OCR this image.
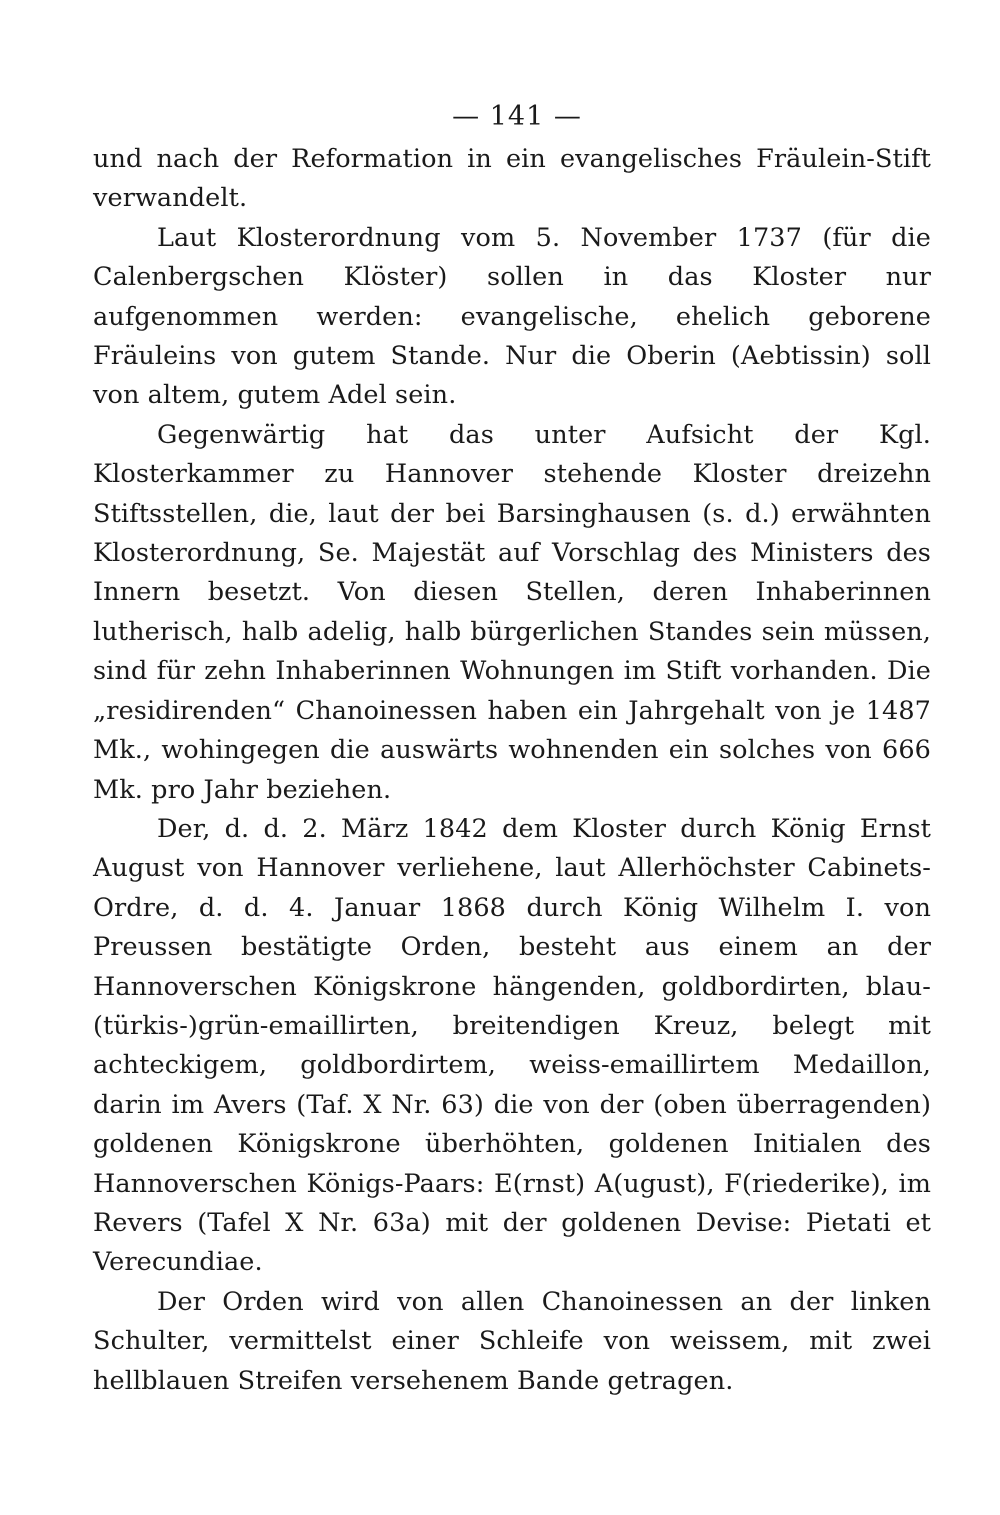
— 141 —

und nach der Reformation in ein evangelisches Fräulein-Stift verwandelt.

Laut Klosterordnung vom 5. November 1737 (für die Calenbergschen Klöster) sollen in das Kloster nur aufgenommen werden: evangelische, ehelich geborene Fräuleins von gutem Stande. Nur die Oberin (Aebtissin) soll von altem, gutem Adel sein.

Gegenwärtig hat das unter Aufsicht der Kgl. Klosterkammer zu Hannover stehende Kloster dreizehn Stiftsstellen, die, laut der bei Barsinghausen (s. d.) erwähnten Klosterordnung, Se. Majestät auf Vorschlag des Ministers des Innern besetzt. Von diesen Stellen, deren Inhaberinnen lutherisch, halb adelig, halb bürgerlichen Standes sein müssen, sind für zehn Inhaberinnen Wohnungen im Stift vorhanden. Die „residirenden“ Chanoinessen haben ein Jahrgehalt von je 1487 Mk., wohingegen die auswärts wohnenden ein solches von 666 Mk. pro Jahr beziehen.

Der, d. d. 2. März 1842 dem Kloster durch König Ernst August von Hannover verliehene, laut Allerhöchster Cabinets-Ordre, d. d. 4. Januar 1868 durch König Wilhelm I. von Preussen bestätigte Orden, besteht aus einem an der Hannoverschen Königskrone hängenden, goldbordirten, blau-(türkis-)grün-emaillirten, breitendigen Kreuz, belegt mit achteckigem, goldbordirtem, weiss-emaillirtem Medaillon, darin im Avers (Taf. X Nr. 63) die von der (oben überragenden) goldenen Königskrone überhöhten, goldenen Initialen des Hannoverschen Königs-Paars: E(rnst) A(ugust), F(riederike), im Revers (Tafel X Nr. 63a) mit der goldenen Devise: Pietati et Verecundiae.

Der Orden wird von allen Chanoinessen an der linken Schulter, vermittelst einer Schleife von weissem, mit zwei hellblauen Streifen versehenem Bande getragen.
